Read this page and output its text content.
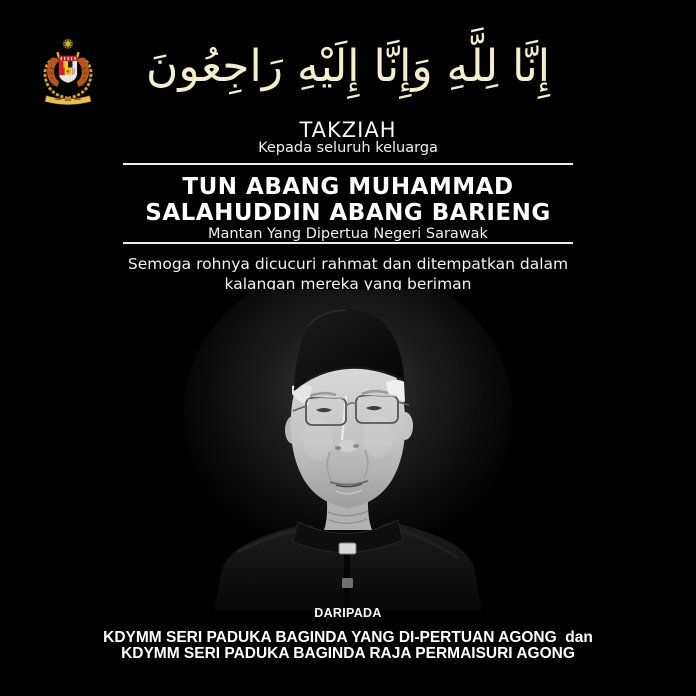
إِنَّا لِلَّهِ وَإِنَّا إِلَيْهِ رَاجِعُونَ
TAKZIAH
Kepada seluruh keluarga
TUN ABANG MUHAMMAD
SALAHUDDIN ABANG BARIENG
Mantan Yang Dipertua Negeri Sarawak
Semoga rohnya dicucuri rahmat dan ditempatkan dalam
kalangan mereka yang beriman
DARIPADA
KDYMM SERI PADUKA BAGINDA YANG DI-PERTUAN AGONG  dan
KDYMM SERI PADUKA BAGINDA RAJA PERMAISURI AGONG
